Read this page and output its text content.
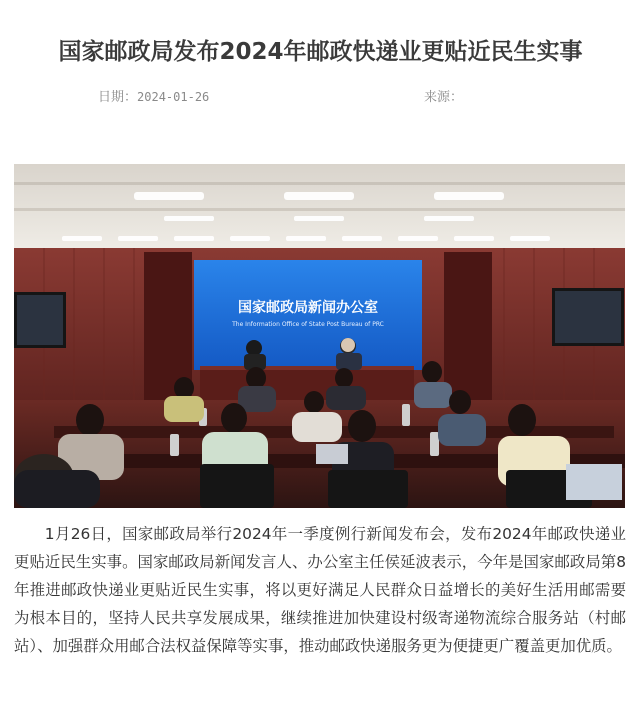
国家邮政局发布2024年邮政快递业更贴近民生实事
日期：2024-01-26	来源：
国家邮政局新闻办公室
The Information Office of State Post Bureau of PRC

1月26日，国家邮政局举行2024年一季度例行新闻发布会，发布2024年邮政快递业更贴近民生实事。国家邮政局新闻发言人、办公室主任侯延波表示，今年是国家邮政局第8年推进邮政快递业更贴近民生实事，将以更好满足人民群众日益增长的美好生活用邮需要为根本目的，坚持人民共享发展成果，继续推进加快建设村级寄递物流综合服务站（村邮站）、加强群众用邮合法权益保障等实事，推动邮政快递服务更为便捷更广覆盖更加优质。
